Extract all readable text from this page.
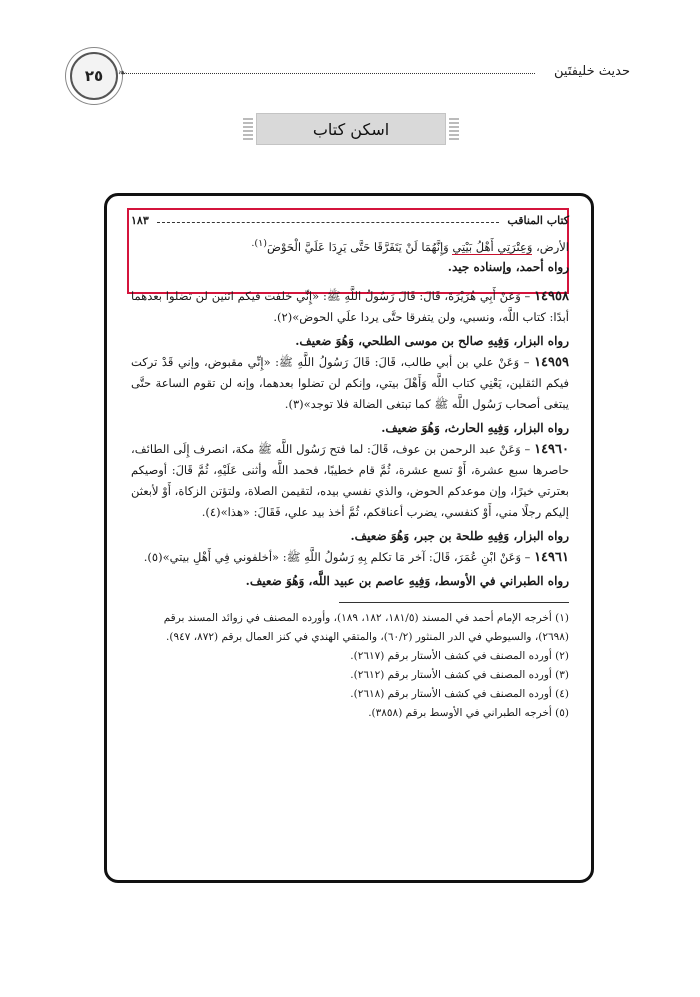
٢٥ ❧	حدیث خلیفتَین
اسکن کتاب
كتاب المناقب
١٨٣

الأرض، وَعِتْرَتِي أَهْلُ بَيْتِي وَإِنَّهُمَا لَنْ يَتَفَرَّقَا حَتَّى يَرِدَا عَلَيَّ الْحَوْضَ$^{(١).}$

رواه أحمد، وإسناده جيد.

١٤٩٥٨ – وَعَنْ أَبِي هُرَيْرَةَ، قَالَ: قَالَ رَسُولُ اللَّهِ ﷺ: «إِنِّي خلفت فيكم اثنين لن تضلوا بعدهما أبدًا: كتاب اللَّه، ونسبي، ولن يتفرقا حتَّى يردا علَي الحوض»(٢).

رواه البزار، وَفِيهِ صالح بن موسى الطلحي، وَهُوَ ضعيف.

١٤٩٥٩ – وَعَنْ علي بن أبي طالب، قَالَ: قَالَ رَسُولُ اللَّهِ ﷺ: «إِنِّي مقبوض، وإني قَدْ تركت فيكم الثقلين، يَعْنِي كتاب اللَّه وَأَهْلَ بيتي، وإنكم لن تضلوا بعدهما، وإنه لن تقوم الساعة حتَّى يبتغى أصحاب رَسُول اللَّه ﷺ كما تبتغى الضالة فلا توجد»(٣).

رواه البزار، وَفِيهِ الحارث، وَهُوَ ضعيف.

١٤٩٦٠ – وَعَنْ عبد الرحمن بن عوف، قَالَ: لما فتح رَسُول اللَّه ﷺ مكة، انصرف إِلَى الطائف، حاصرها سبع عشرة، أَوْ تسع عشرة، ثُمَّ قام خطيبًا، فحمد اللَّه وأثنى عَلَيْهِ، ثُمَّ قَالَ: أوصيكم بعترتي خيرًا، وإن موعدكم الحوض، والذي نفسي بيده، لتقيمن الصلاة، ولتؤتن الزكاة، أَوْ لأبعثن إليكم رجلًا مني، أَوْ كنفسي، يضرب أعناقكم، ثُمَّ أخذ بيد علي، فَقَالَ: «هذا»(٤).

رواه البزار، وَفِيهِ طلحة بن جبر، وَهُوَ ضعيف.

١٤٩٦١ – وَعَنْ ابْنِ عُمَرَ، قَالَ: آخر مَا تكلم بِهِ رَسُولُ اللَّهِ ﷺ: «أخلفوني فِي أَهْلِ بيتي»(٥).

رواه الطبراني في الأوسط، وَفِيهِ عاصم بن عبيد اللَّه، وَهُوَ ضعيف.

(١) أخرجه الإمام أحمد في المسند (١٨١/٥، ١٨٢، ١٨٩)، وأورده المصنف في زوائد المسند برقم (٢٦٩٨)، والسيوطي في الدر المنثور (٦٠/٢)، والمتقي الهندي في كنز العمال برقم (٨٧٢، ٩٤٧).

(٢) أورده المصنف في كشف الأستار برقم (٢٦١٧).

(٣) أورده المصنف في كشف الأستار برقم (٢٦١٢).

(٤) أورده المصنف في كشف الأستار برقم (٢٦١٨).

(٥) أخرجه الطبراني في الأوسط برقم (٣٨٥٨).
